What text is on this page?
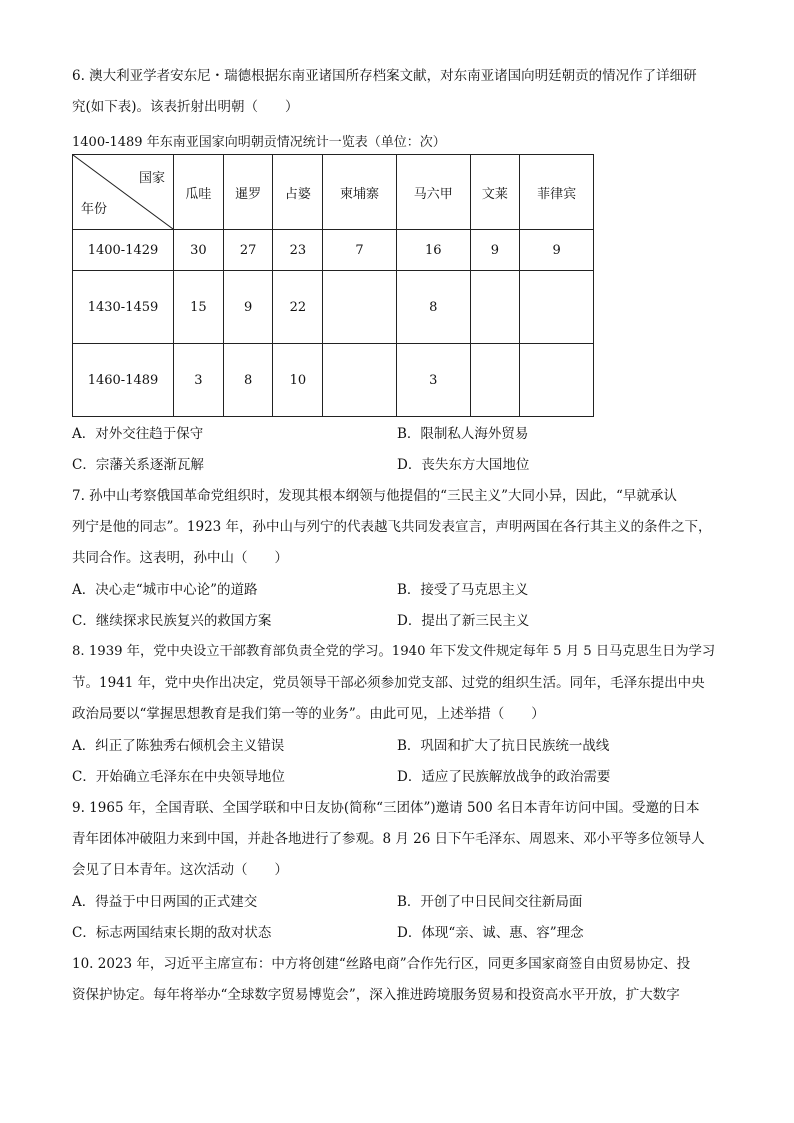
6. 澳大利亚学者安东尼・瑞德根据东南亚诸国所存档案文献，对东南亚诸国向明廷朝贡的情况作了详细研
究(如下表)。该表折射出明朝（　　）
1400-1489 年东南亚国家向明朝贡情况统计一览表（单位：次）
国家
年份	瓜哇	暹罗	占婆	柬埔寨	马六甲	文莱	菲律宾
1400-1429	30	27	23	7	16	9	9
1430-1459	15	9	22		8		
1460-1489	3	8	10		3		
A．对外交往趋于保守	B．限制私人海外贸易
C．宗藩关系逐渐瓦解	D．丧失东方大国地位
7. 孙中山考察俄国革命党组织时，发现其根本纲领与他提倡的“三民主义”大同小异，因此，“早就承认
列宁是他的同志”。1923 年，孙中山与列宁的代表越飞共同发表宣言，声明两国在各行其主义的条件之下，
共同合作。这表明，孙中山（　　）
A．决心走“城市中心论”的道路	B．接受了马克思主义
C．继续探求民族复兴的救国方案	D．提出了新三民主义
8. 1939 年，党中央设立干部教育部负责全党的学习。1940 年下发文件规定每年 5 月 5 日马克思生日为学习
节。1941 年，党中央作出决定，党员领导干部必须参加党支部、过党的组织生活。同年，毛泽东提出中央
政治局要以“掌握思想教育是我们第一等的业务”。由此可见，上述举措（　　）
A．纠正了陈独秀右倾机会主义错误	B．巩固和扩大了抗日民族统一战线
C．开始确立毛泽东在中央领导地位	D．适应了民族解放战争的政治需要
9. 1965 年，全国青联、全国学联和中日友协(简称“三团体”)邀请 500 名日本青年访问中国。受邀的日本
青年团体冲破阻力来到中国，并赴各地进行了参观。8 月 26 日下午毛泽东、周恩来、邓小平等多位领导人
会见了日本青年。这次活动（　　）
A．得益于中日两国的正式建交	B．开创了中日民间交往新局面
C．标志两国结束长期的敌对状态	D．体现“亲、诚、惠、容”理念
10. 2023 年，习近平主席宣布：中方将创建“丝路电商”合作先行区，同更多国家商签自由贸易协定、投
资保护协定。每年将举办“全球数字贸易博览会”，深入推进跨境服务贸易和投资高水平开放，扩大数字
